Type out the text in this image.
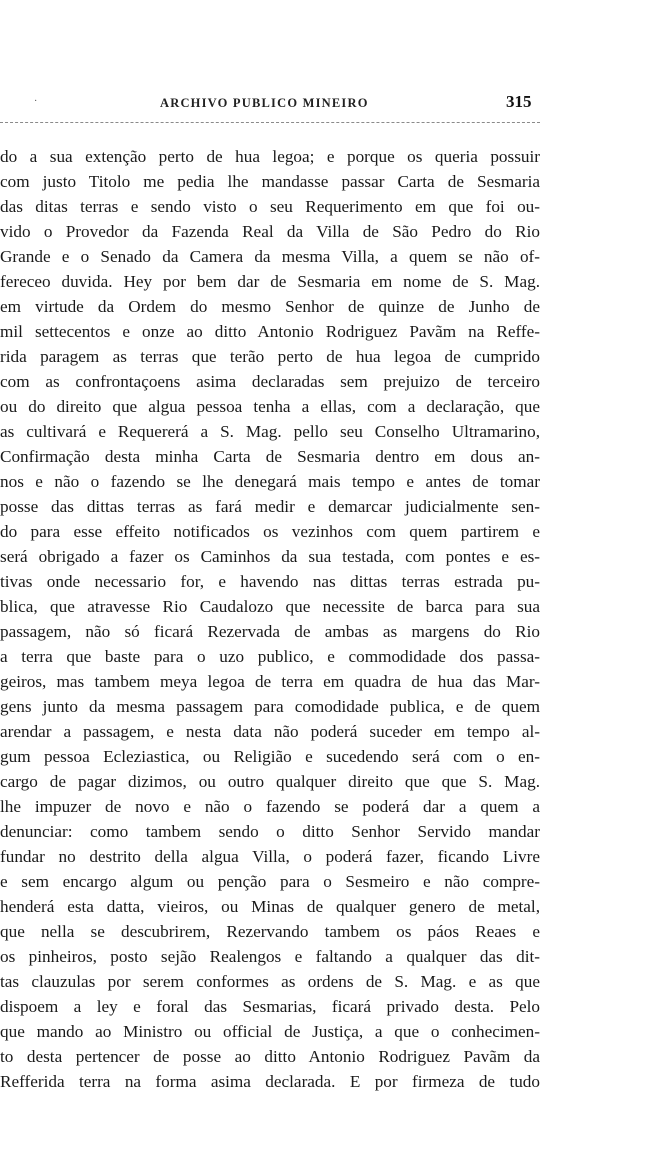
·	ARCHIVO PUBLICO MINEIRO	315
do a sua extenção perto de hua legoa; e porque os queria possuir
com justo Titolo me pedia lhe mandasse passar Carta de Sesmaria
das ditas terras e sendo visto o seu Requerimento em que foi ou-
vido o Provedor da Fazenda Real da Villa de São Pedro do Rio
Grande e o Senado da Camera da mesma Villa, a quem se não of-
fereceo duvida. Hey por bem dar de Sesmaria em nome de S. Mag.
em virtude da Ordem do mesmo Senhor de quinze de Junho de
mil settecentos e onze ao ditto Antonio Rodriguez Pavãm na Reffe-
rida paragem as terras que terão perto de hua legoa de cumprido
com as confrontaçoens asima declaradas sem prejuizo de terceiro
ou do direito que algua pessoa tenha a ellas, com a declaração, que
as cultivará e Requererá a S. Mag. pello seu Conselho Ultramarino,
Confirmação desta minha Carta de Sesmaria dentro em dous an-
nos e não o fazendo se lhe denegará mais tempo e antes de tomar
posse das dittas terras as fará medir e demarcar judicialmente sen-
do para esse effeito notificados os vezinhos com quem partirem e
será obrigado a fazer os Caminhos da sua testada, com pontes e es-
tivas onde necessario for, e havendo nas dittas terras estrada pu-
blica, que atravesse Rio Caudalozo que necessite de barca para sua
passagem, não só ficará Rezervada de ambas as margens do Rio
a terra que baste para o uzo publico, e commodidade dos passa-
geiros, mas tambem meya legoa de terra em quadra de hua das Mar-
gens junto da mesma passagem para comodidade publica, e de quem
arendar a passagem, e nesta data não poderá suceder em tempo al-
gum pessoa Ecleziastica, ou Religião e sucedendo será com o en-
cargo de pagar dizimos, ou outro qualquer direito que que S. Mag.
lhe impuzer de novo e não o fazendo se poderá dar a quem a
denunciar: como tambem sendo o ditto Senhor Servido mandar
fundar no destrito della algua Villa, o poderá fazer, ficando Livre
e sem encargo algum ou penção para o Sesmeiro e não compre-
henderá esta datta, vieiros, ou Minas de qualquer genero de metal,
que nella se descubrirem, Rezervando tambem os páos Reaes e
os pinheiros, posto sejão Realengos e faltando a qualquer das dit-
tas clauzulas por serem conformes as ordens de S. Mag. e as que
dispoem a ley e foral das Sesmarias, ficará privado desta. Pelo
que mando ao Ministro ou official de Justiça, a que o conhecimen-
to desta pertencer de posse ao ditto Antonio Rodriguez Pavãm da
Refferida terra na forma asima declarada. E por firmeza de tudo
